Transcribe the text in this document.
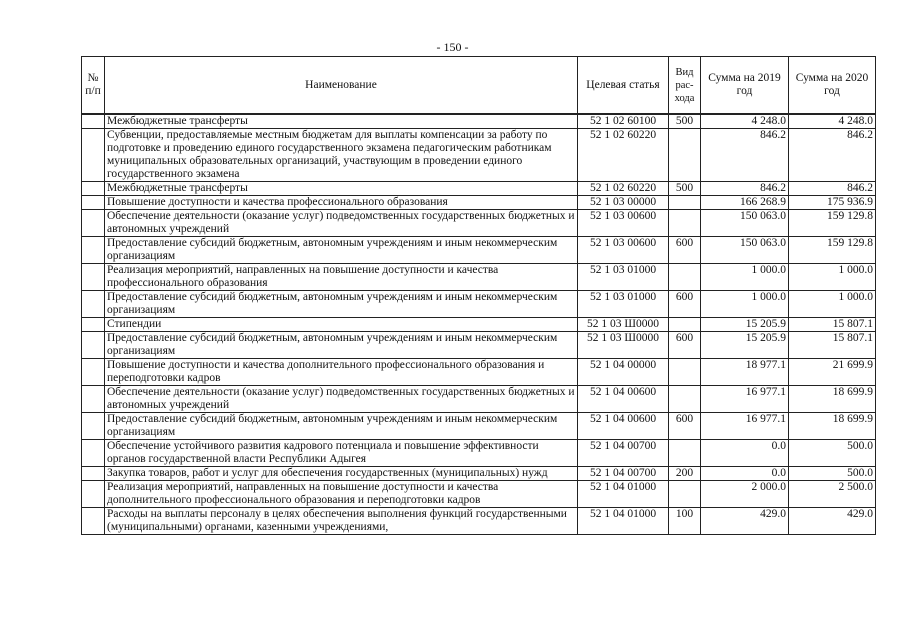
- 150 -
№ п/п	Наименование	Целевая статья	Вид рас-хода	Сумма на 2019 год	Сумма на 2020 год
	Межбюджетные трансферты	52 1 02 60100	500	4 248.0	4 248.0
	Субвенции, предоставляемые местным бюджетам для выплаты компенсации за работу по подготовке и проведению единого государственного экзамена педагогическим работникам муниципальных образовательных организаций, участвующим в проведении единого государственного экзамена	52 1 02 60220		846.2	846.2
	Межбюджетные трансферты	52 1 02 60220	500	846.2	846.2
	Повышение доступности и качества профессионального образования	52 1 03 00000		166 268.9	175 936.9
	Обеспечение деятельности (оказание услуг) подведомственных государственных бюджетных и автономных учреждений	52 1 03 00600		150 063.0	159 129.8
	Предоставление субсидий бюджетным, автономным учреждениям и иным некоммерческим организациям	52 1 03 00600	600	150 063.0	159 129.8
	Реализация мероприятий, направленных на повышение доступности и качества профессионального образования	52 1 03 01000		1 000.0	1 000.0
	Предоставление субсидий бюджетным, автономным учреждениям и иным некоммерческим организациям	52 1 03 01000	600	1 000.0	1 000.0
	Стипендии	52 1 03 Ш0000		15 205.9	15 807.1
	Предоставление субсидий бюджетным, автономным учреждениям и иным некоммерческим организациям	52 1 03 Ш0000	600	15 205.9	15 807.1
	Повышение доступности и качества дополнительного профессионального образования и переподготовки кадров	52 1 04 00000		18 977.1	21 699.9
	Обеспечение деятельности (оказание услуг) подведомственных государственных бюджетных и автономных учреждений	52 1 04 00600		16 977.1	18 699.9
	Предоставление субсидий бюджетным, автономным учреждениям и иным некоммерческим организациям	52 1 04 00600	600	16 977.1	18 699.9
	Обеспечение устойчивого развития кадрового потенциала и повышение эффективности органов государственной власти Республики Адыгея	52 1 04 00700		0.0	500.0
	Закупка товаров, работ и услуг для обеспечения государственных (муниципальных) нужд	52 1 04 00700	200	0.0	500.0
	Реализация мероприятий, направленных на повышение доступности и качества дополнительного профессионального образования и переподготовки кадров	52 1 04 01000		2 000.0	2 500.0
	Расходы на выплаты персоналу в целях обеспечения выполнения функций государственными (муниципальными) органами, казенными учреждениями,	52 1 04 01000	100	429.0	429.0
